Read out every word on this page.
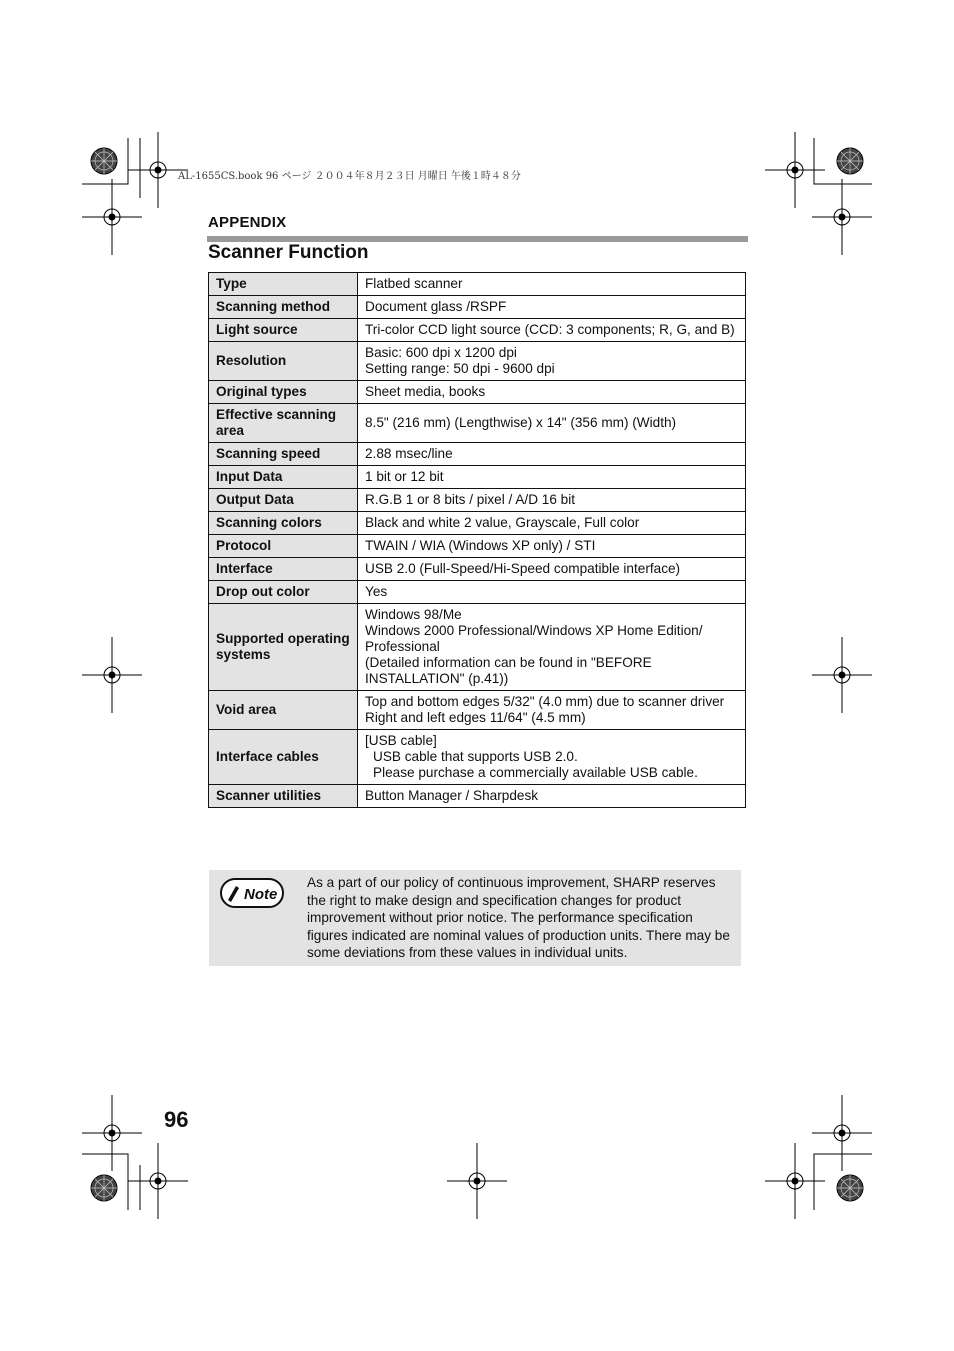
AL-1655CS.book 96 ページ ２００４年８月２３日 月曜日 午後１時４８分
APPENDIX
Scanner Function
Type	Flatbed scanner

Scanning method	Document glass /RSPF

Light source	Tri-color CCD light source (CCD: 3 components; R, G, and B)

Resolution	Basic: 600 dpi x 1200 dpi
Setting range: 50 dpi - 9600 dpi

Original types	Sheet media, books

Effective scanning area	8.5" (216 mm) (Lengthwise) x 14" (356 mm) (Width)

Scanning speed	2.88 msec/line

Input Data	1 bit or 12 bit

Output Data	R.G.B 1 or 8 bits / pixel / A/D 16 bit

Scanning colors	Black and white 2 value, Grayscale, Full color

Protocol	TWAIN / WIA (Windows XP only) / STI

Interface	USB 2.0 (Full-Speed/Hi-Speed compatible interface)

Drop out color	Yes

Supported operating systems	Windows 98/Me
Windows 2000 Professional/Windows XP Home Edition/ Professional
(Detailed information can be found in "BEFORE INSTALLATION" (p.41))

Void area	Top and bottom edges 5/32" (4.0 mm) due to scanner driver
Right and left edges 11/64" (4.5 mm)

Interface cables	[USB cable]
USB cable that supports USB 2.0.
Please purchase a commercially available USB cable.

Scanner utilities	Button Manager / Sharpdesk
Note
As a part of our policy of continuous improvement, SHARP reserves the right to make design and specification changes for product improvement without prior notice. The performance specification figures indicated are nominal values of production units. There may be some deviations from these values in individual units.
96
